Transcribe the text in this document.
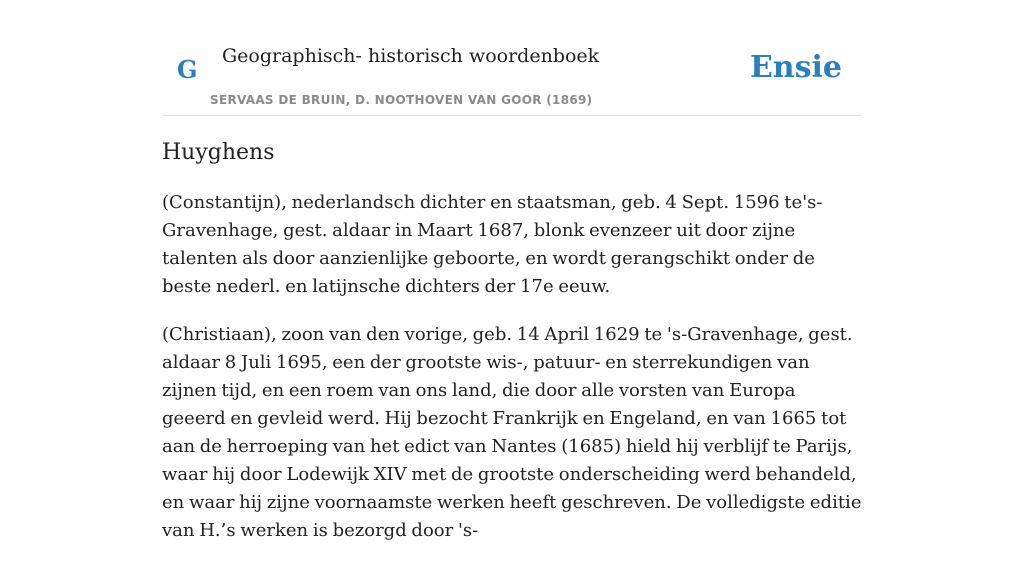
G Geographisch- historisch woordenboek
SERVAAS DE BRUIN, D. NOOTHOVEN VAN GOOR (1869)
Ensie
Huyghens

(Constantijn), nederlandsch dichter en staatsman, geb. 4 Sept. 1596 te's-Gravenhage, gest. aldaar in Maart 1687, blonk evenzeer uit door zijne talenten als door aanzienlijke geboorte, en wordt gerangschikt onder de beste nederl. en latijnsche dichters der 17e eeuw.

(Christiaan), zoon van den vorige, geb. 14 April 1629 te 's-Gravenhage, gest. aldaar 8 Juli 1695, een der grootste wis-, patuur- en sterrekundigen van zijnen tijd, en een roem van ons land, die door alle vorsten van Europa geeerd en gevleid werd. Hij bezocht Frankrijk en Engeland, en van 1665 tot aan de herroeping van het edict van Nantes (1685) hield hij verblijf te Parijs, waar hij door Lodewijk XIV met de grootste onderscheiding werd behandeld, en waar hij zijne voornaamste werken heeft geschreven. De volledigste editie van H.’s werken is bezorgd door 's-
